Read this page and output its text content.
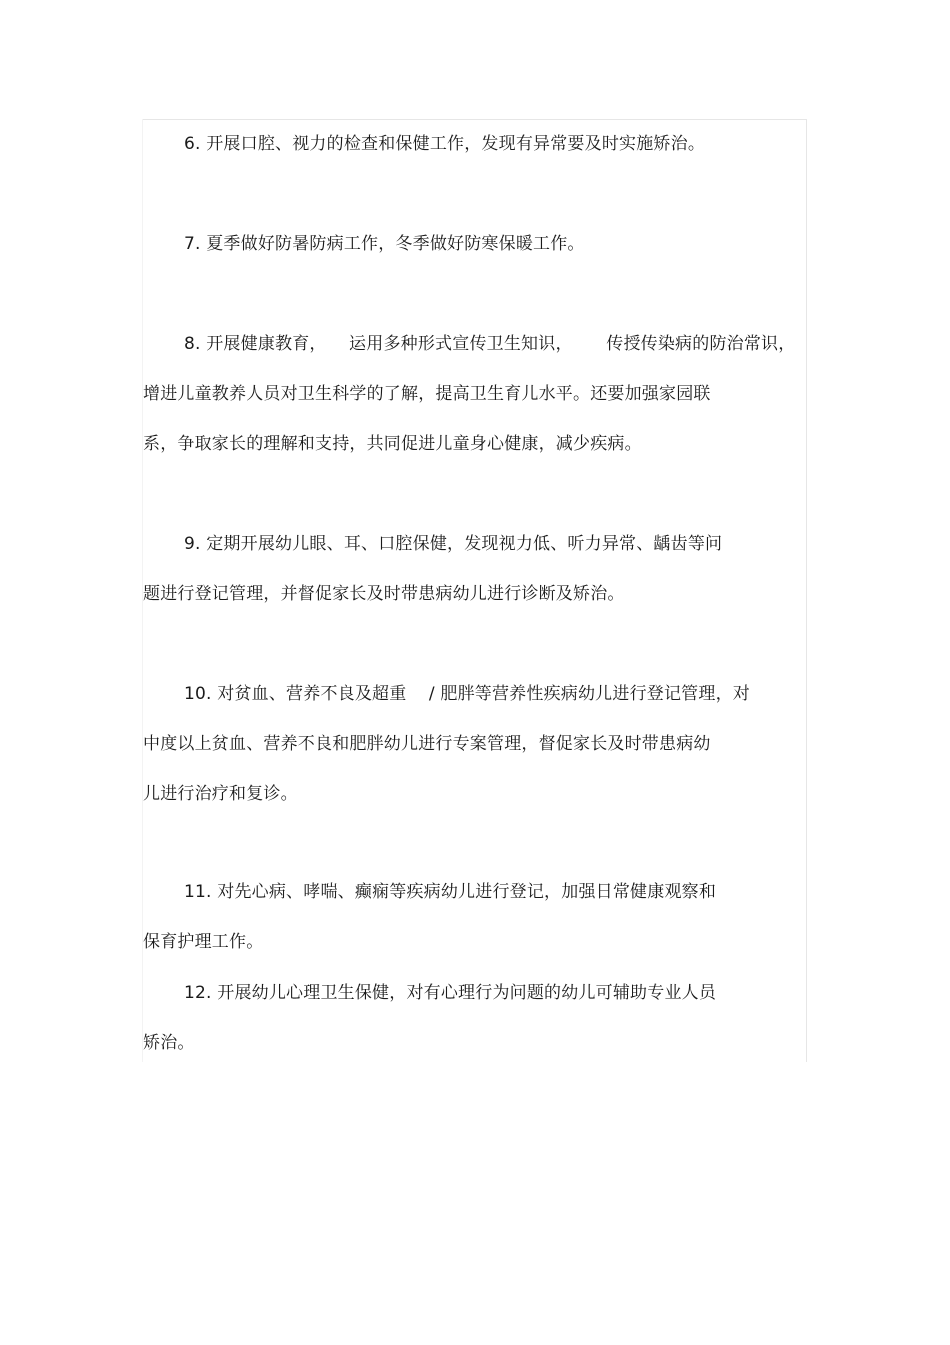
6. 开展口腔、视力的检查和保健工作，发现有异常要及时实施矫治。
7. 夏季做好防暑防病工作，冬季做好防寒保暖工作。
8. 开展健康教育，    运用多种形式宣传卫生知识，      传授传染病的防治常识，
增进儿童教养人员对卫生科学的了解，提高卫生育儿水平。还要加强家园联
系，争取家长的理解和支持，共同促进儿童身心健康，减少疾病。
9. 定期开展幼儿眼、耳、口腔保健，发现视力低、听力异常、龋齿等问
题进行登记管理，并督促家长及时带患病幼儿进行诊断及矫治。
10. 对贫血、营养不良及超重    / 肥胖等营养性疾病幼儿进行登记管理，对
中度以上贫血、营养不良和肥胖幼儿进行专案管理，督促家长及时带患病幼
儿进行治疗和复诊。
11. 对先心病、哮喘、癫痫等疾病幼儿进行登记，加强日常健康观察和
保育护理工作。
12. 开展幼儿心理卫生保健，对有心理行为问题的幼儿可辅助专业人员
矫治。
